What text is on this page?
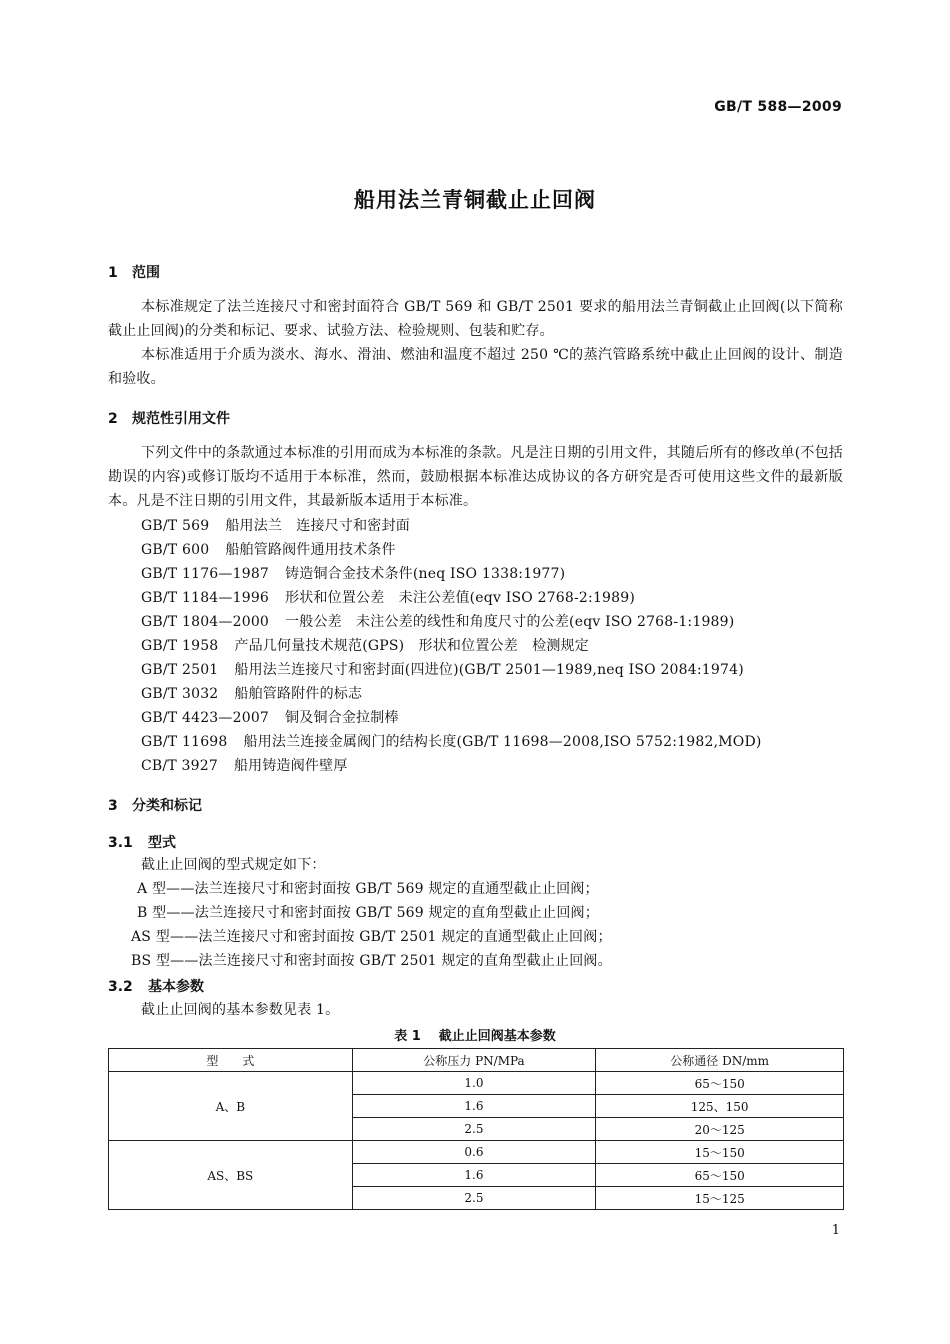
GB/T 588—2009
船用法兰青铜截止止回阀
1 范围
本标准规定了法兰连接尺寸和密封面符合 GB/T 569 和 GB/T 2501 要求的船用法兰青铜截止止回阀(以下简称截止止回阀)的分类和标记、要求、试验方法、检验规则、包装和贮存。
本标准适用于介质为淡水、海水、滑油、燃油和温度不超过 250 ℃的蒸汽管路系统中截止止回阀的设计、制造和验收。
2 规范性引用文件
下列文件中的条款通过本标准的引用而成为本标准的条款。凡是注日期的引用文件，其随后所有的修改单(不包括勘误的内容)或修订版均不适用于本标准，然而，鼓励根据本标准达成协议的各方研究是否可使用这些文件的最新版本。凡是不注日期的引用文件，其最新版本适用于本标准。
GB/T 569 船用法兰　连接尺寸和密封面
GB/T 600 船舶管路阀件通用技术条件
GB/T 1176—1987 铸造铜合金技术条件(neq ISO 1338:1977)
GB/T 1184—1996 形状和位置公差　未注公差值(eqv ISO 2768-2:1989)
GB/T 1804—2000 一般公差　未注公差的线性和角度尺寸的公差(eqv ISO 2768-1:1989)
GB/T 1958 产品几何量技术规范(GPS)　形状和位置公差　检测规定
GB/T 2501 船用法兰连接尺寸和密封面(四进位)(GB/T 2501—1989,neq ISO 2084:1974)
GB/T 3032 船舶管路附件的标志
GB/T 4423—2007 铜及铜合金拉制棒
GB/T 11698 船用法兰连接金属阀门的结构长度(GB/T 11698—2008,ISO 5752:1982,MOD)
CB/T 3927 船用铸造阀件壁厚
3 分类和标记
3.1 型式
截止止回阀的型式规定如下：
A 型——法兰连接尺寸和密封面按 GB/T 569 规定的直通型截止止回阀；
B 型——法兰连接尺寸和密封面按 GB/T 569 规定的直角型截止止回阀；
AS 型——法兰连接尺寸和密封面按 GB/T 2501 规定的直通型截止止回阀；
BS 型——法兰连接尺寸和密封面按 GB/T 2501 规定的直角型截止止回阀。
3.2 基本参数
截止止回阀的基本参数见表 1。
表 1 截止止回阀基本参数
型　　式	公称压力 PN/MPa	公称通径 DN/mm
A、B	1.0	65～150
	1.6	125、150
	2.5	20～125
AS、BS	0.6	15～150
	1.6	65～150
	2.5	15～125
1
